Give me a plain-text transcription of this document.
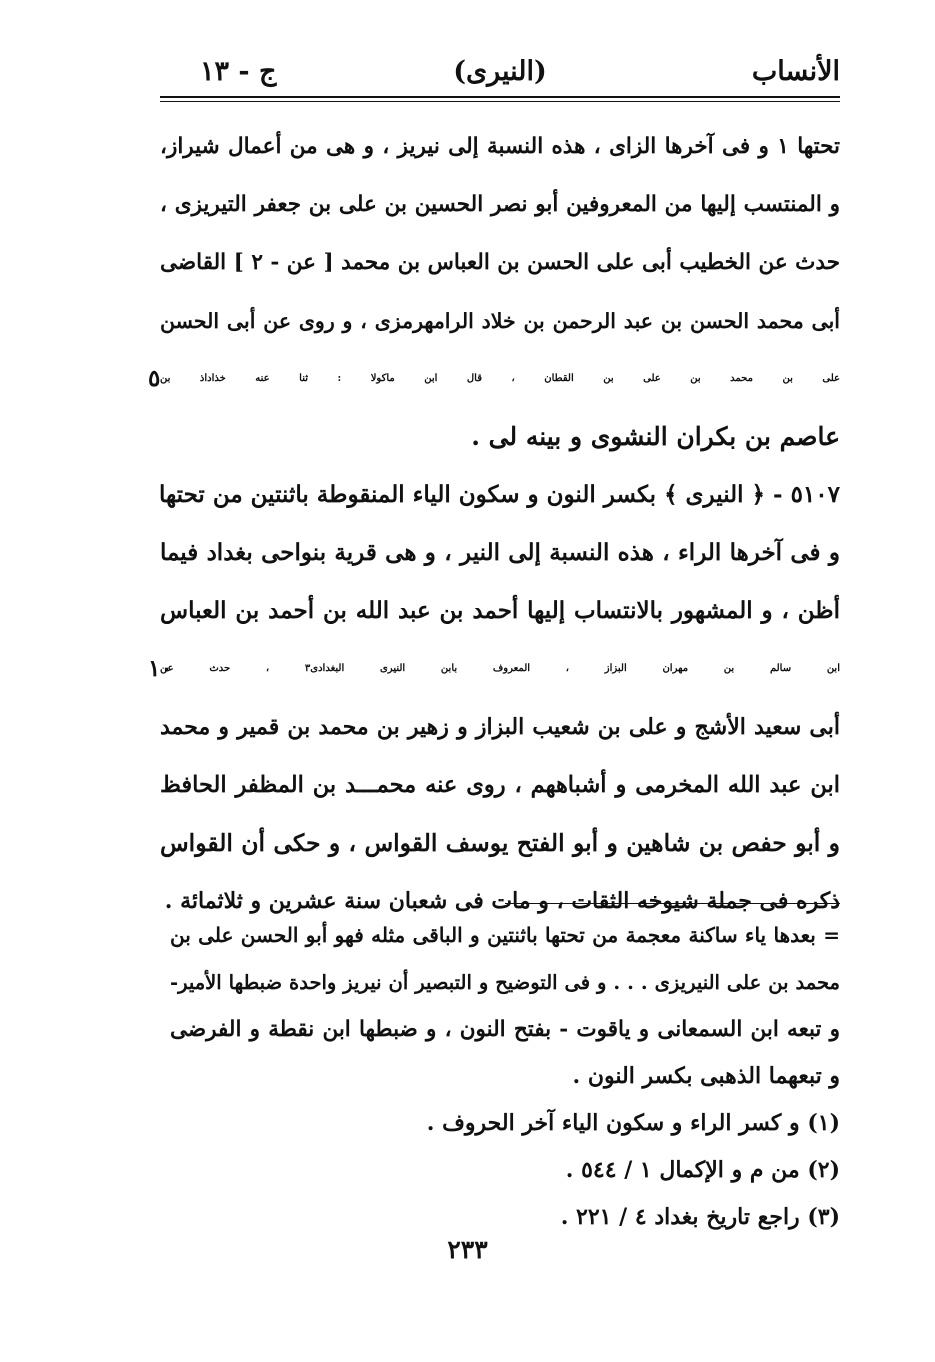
الأنساب
(النيرى)
ج - ١٣
تحتها ١ و فى آخرها الزاى ، هذه النسبة إلى نيريز ، و هى من أعمال شيراز،
و المنتسب إليها من المعروفين أبو نصر الحسين بن على بن جعفر التيريزى ،
حدث عن الخطيب أبى على الحسن بن العباس بن محمد [ عن - ٢ ] القاضى
أبى محمد الحسن بن عبد الرحمن بن خلاد الرامهرمزى ، و روى عن أبى الحسن
على بن محمد بن على بن القطان ، قال ابن ماكولا : ثنا عنه خذاداذ بن
٥
عاصم بن بكران النشوى و بينه لى .
٥١٠٧ - ﴿ النيرى ﴾ بكسر النون و سكون الياء المنقوطة باثنتين من تحتها
و فى آخرها الراء ، هذه النسبة إلى النير ، و هى قرية بنواحى بغداد فيما
أظن ، و المشهور بالانتساب إليها أحمد بن عبد الله بن أحمد بن العباس
ابن سالم بن مهران البزاز ، المعروف بابن النيرى البغدادى٣ ، حدث عن
١٠
أبى سعيد الأشج و على بن شعيب البزاز و زهير بن محمد بن قمير و محمد
ابن عبد الله المخرمى و أشباههم ، روى عنه محمـــد بن المظفر الحافظ
و أبو حفص بن شاهين و أبو الفتح يوسف القواس ، و حكى أن القواس
ذكره فى جملة شيوخه الثقات ، و مات فى شعبان سنة عشرين و ثلاثمائة .
= بعدها ياء ساكنة معجمة من تحتها باثنتين و الباقى مثله فهو أبو الحسن على بن
محمد بن على النيريزى . . . و فى التوضيح و التبصير أن نيريز واحدة ضبطها الأمير-
و تبعه ابن السمعانى و ياقوت - بفتح النون ، و ضبطها ابن نقطة و الفرضى
و تبعهما الذهبى بكسر النون .
(١) و كسر الراء و سكون الياء آخر الحروف .
(٢) من م و الإكمال ١ / ٥٤٤ .
(٣) راجع تاريخ بغداد ٤ / ٢٢١ .
٢٣٣
